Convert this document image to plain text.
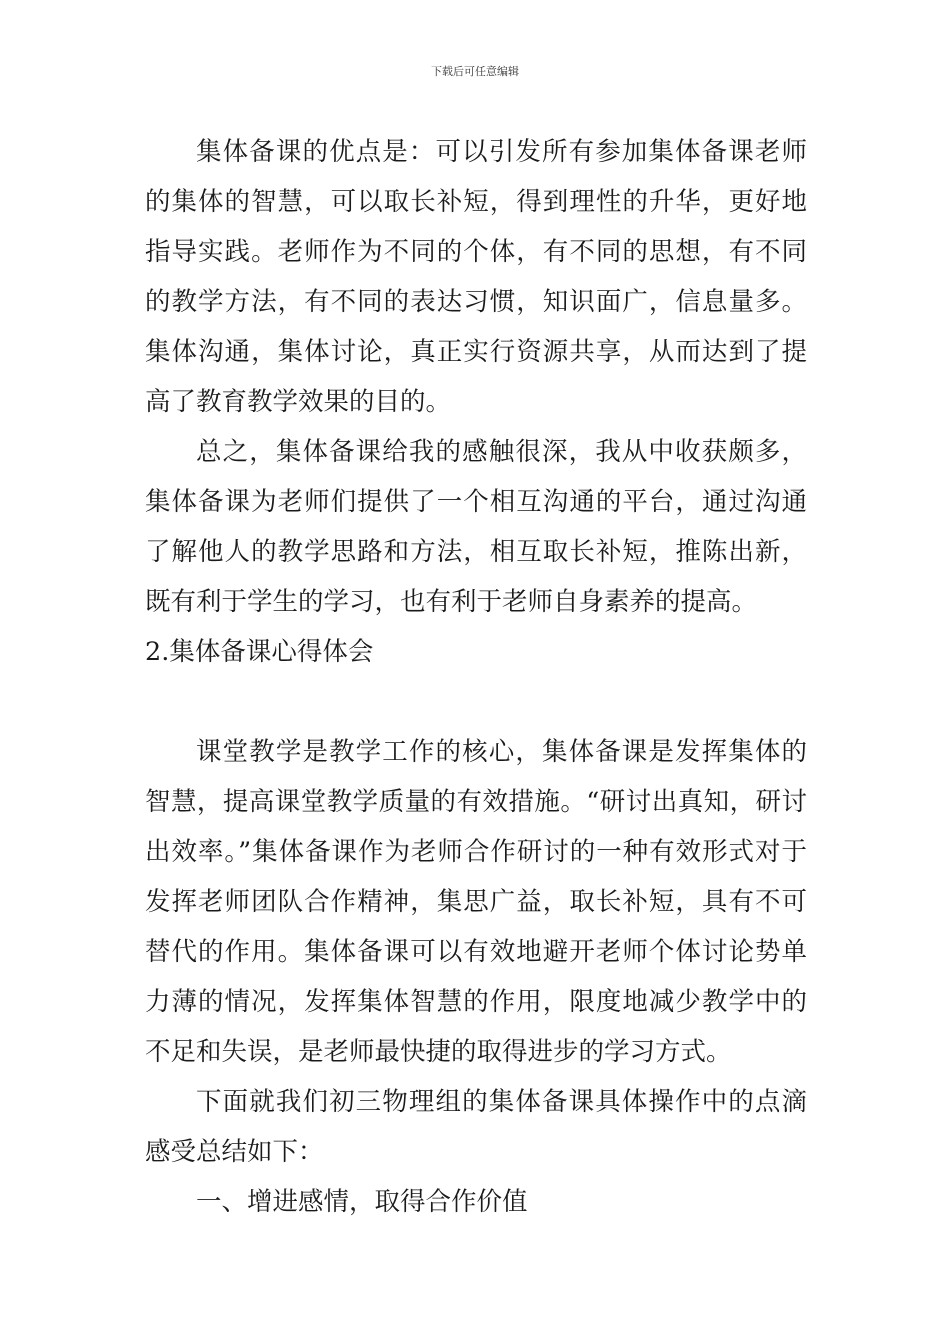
下载后可任意编辑

集体备课的优点是：可以引发所有参加集体备课老师的集体的智慧，可以取长补短，得到理性的升华，更好地指导实践。老师作为不同的个体，有不同的思想，有不同的教学方法，有不同的表达习惯，知识面广，信息量多。集体沟通，集体讨论，真正实行资源共享，从而达到了提高了教育教学效果的目的。

总之，集体备课给我的感触很深，我从中收获颇多，集体备课为老师们提供了一个相互沟通的平台，通过沟通了解他人的教学思路和方法，相互取长补短，推陈出新，既有利于学生的学习，也有利于老师自身素养的提高。

2.集体备课心得体会

课堂教学是教学工作的核心，集体备课是发挥集体的智慧，提高课堂教学质量的有效措施。“研讨出真知，研讨出效率。”集体备课作为老师合作研讨的一种有效形式对于发挥老师团队合作精神，集思广益，取长补短，具有不可替代的作用。集体备课可以有效地避开老师个体讨论势单力薄的情况，发挥集体智慧的作用，限度地减少教学中的不足和失误，是老师最快捷的取得进步的学习方式。

下面就我们初三物理组的集体备课具体操作中的点滴感受总结如下：

一、增进感情，取得合作价值
